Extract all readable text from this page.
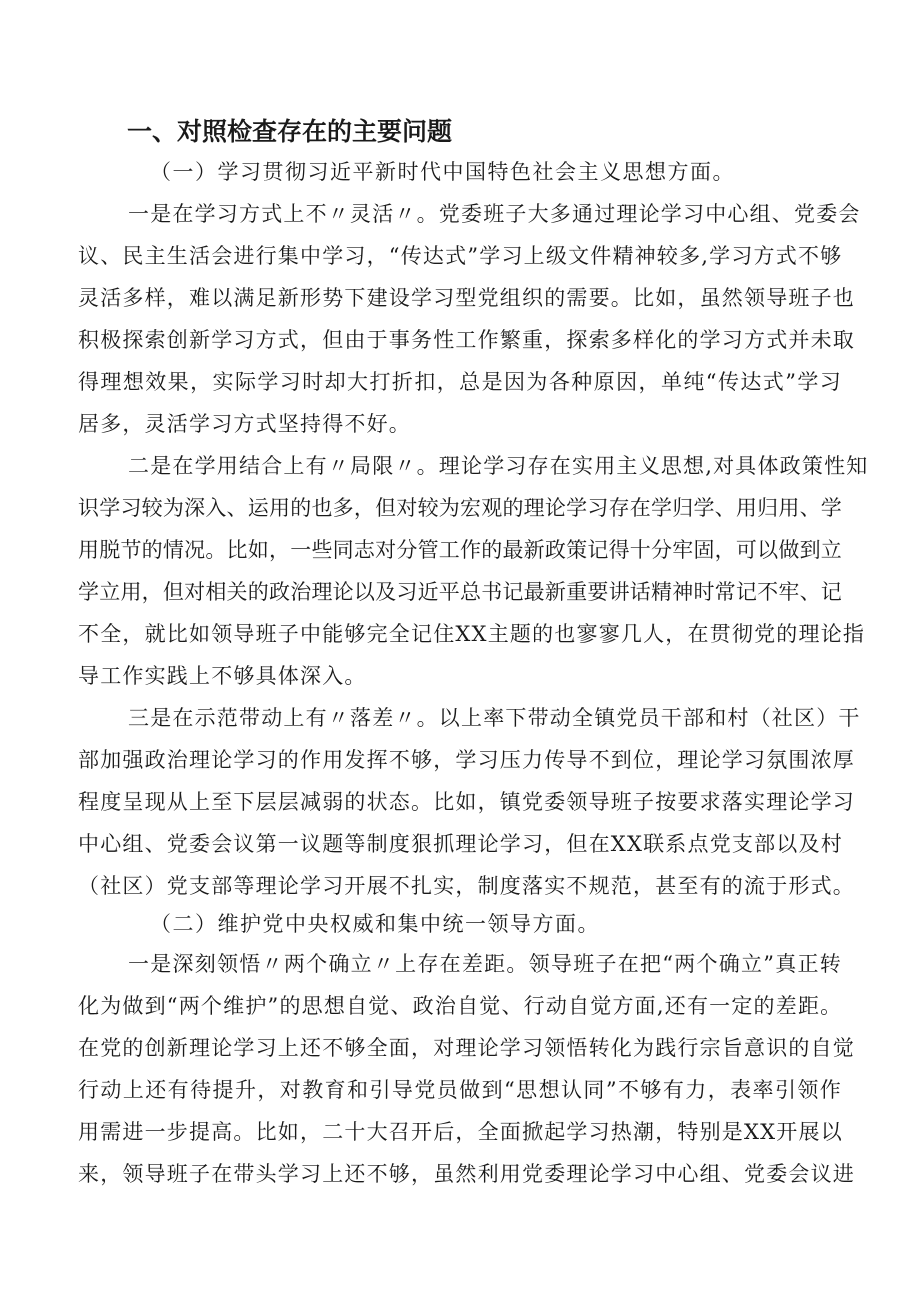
一、对照检查存在的主要问题
（一）学习贯彻习近平新时代中国特色社会主义思想方面。
一是在学习方式上不〃灵活〃。党委班子大多通过理论学习中心组、党委会
议、民主生活会进行集中学习，“传达式”学习上级文件精神较多,学习方式不够
灵活多样，难以满足新形势下建设学习型党组织的需要。比如，虽然领导班子也
积极探索创新学习方式，但由于事务性工作繁重，探索多样化的学习方式并未取
得理想效果，实际学习时却大打折扣，总是因为各种原因，单纯“传达式”学习
居多，灵活学习方式坚持得不好。
二是在学用结合上有〃局限〃。理论学习存在实用主义思想,对具体政策性知
识学习较为深入、运用的也多，但对较为宏观的理论学习存在学归学、用归用、学
用脱节的情况。比如，一些同志对分管工作的最新政策记得十分牢固，可以做到立
学立用，但对相关的政治理论以及习近平总书记最新重要讲话精神时常记不牢、记
不全，就比如领导班子中能够完全记住XX主题的也寥寥几人，在贯彻党的理论指
导工作实践上不够具体深入。
三是在示范带动上有〃落差〃。以上率下带动全镇党员干部和村（社区）干
部加强政治理论学习的作用发挥不够，学习压力传导不到位，理论学习氛围浓厚
程度呈现从上至下层层减弱的状态。比如，镇党委领导班子按要求落实理论学习
中心组、党委会议第一议题等制度狠抓理论学习，但在XX联系点党支部以及村
（社区）党支部等理论学习开展不扎实，制度落实不规范，甚至有的流于形式。
（二）维护党中央权威和集中统一领导方面。
一是深刻领悟〃两个确立〃上存在差距。领导班子在把“两个确立”真正转
化为做到“两个维护”的思想自觉、政治自觉、行动自觉方面,还有一定的差距。
在党的创新理论学习上还不够全面，对理论学习领悟转化为践行宗旨意识的自觉
行动上还有待提升，对教育和引导党员做到“思想认同”不够有力，表率引领作
用需进一步提高。比如，二十大召开后，全面掀起学习热潮，特别是XX开展以
来，领导班子在带头学习上还不够，虽然利用党委理论学习中心组、党委会议进
